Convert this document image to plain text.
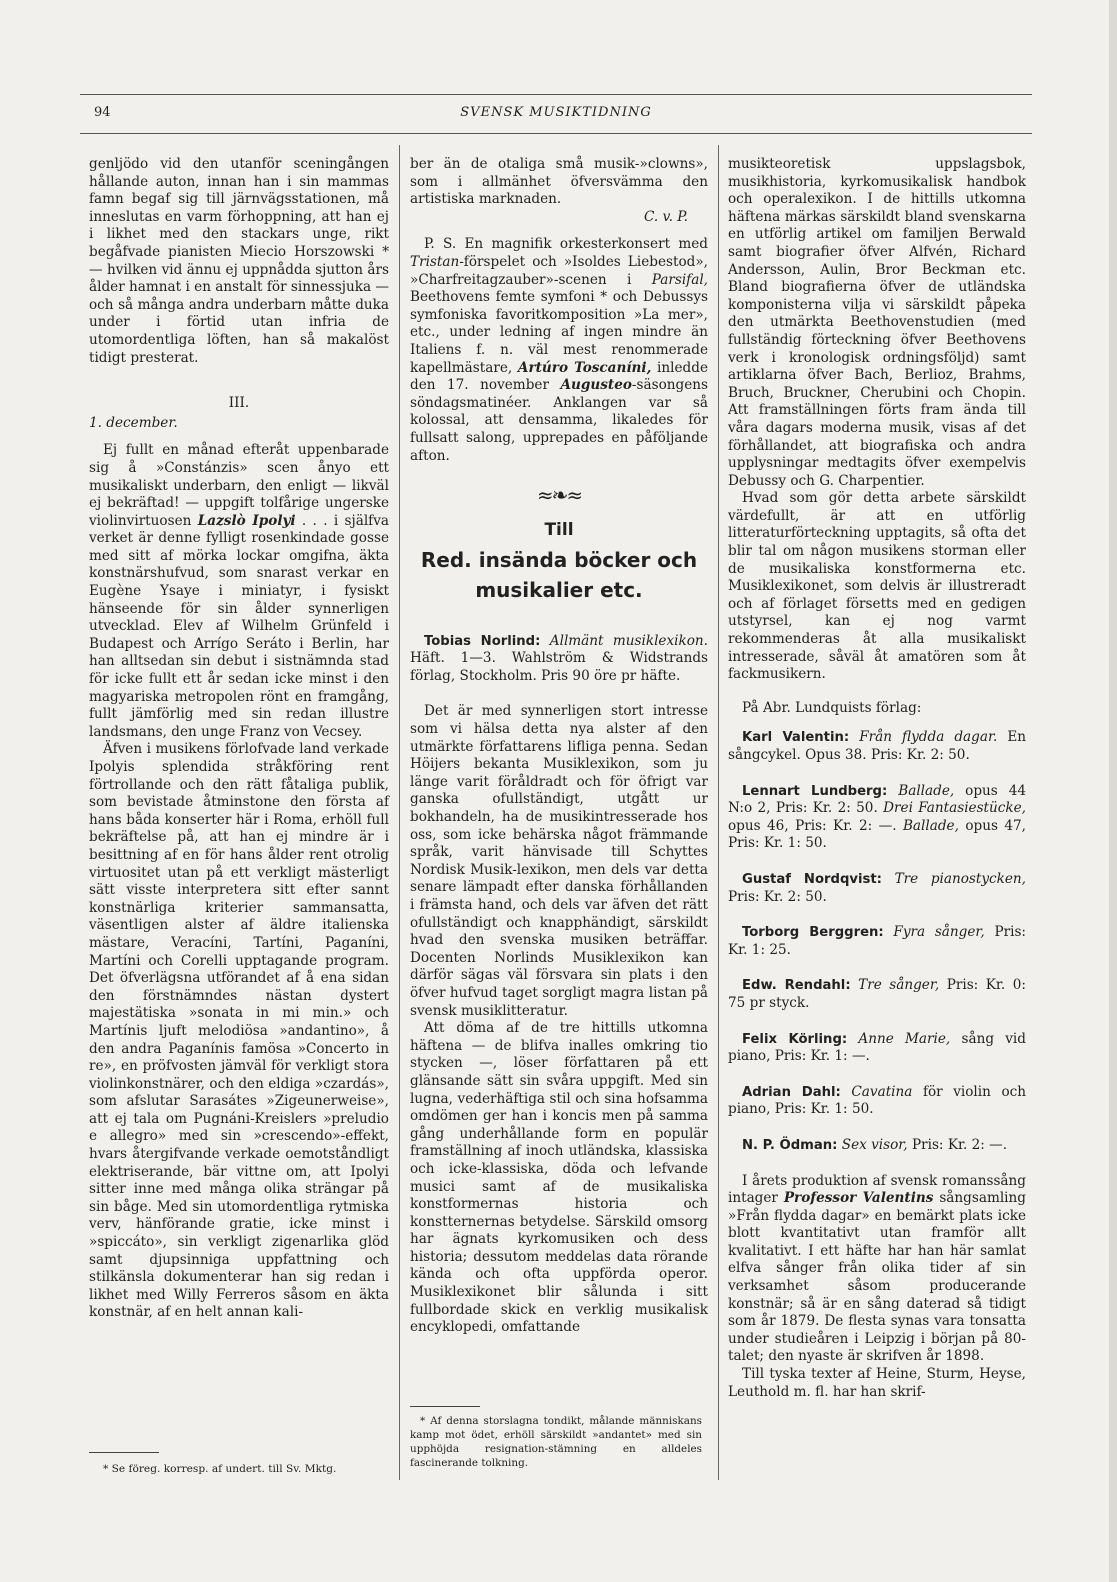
94	SVENSK MUSIKTIDNING

genljödo vid den utanför sceningången hållande auton, innan han i sin mammas famn begaf sig till järnvägsstationen, må inneslutas en varm förhoppning, att han ej i likhet med den stackars unge, rikt begåfvade pianisten Miecio Horszowski * — hvilken vid ännu ej uppnådda sjutton års ålder hamnat i en anstalt för sinnessjuka — och så många andra underbarn måtte duka under i förtid utan infria de utomordentliga löften, han så makalöst tidigt presterat.

III.
1. december.

Ej fullt en månad efteråt uppenbarade sig å »Constánzis» scen ånyo ett musikaliskt underbarn, den enligt — likväl ej bekräftad! — uppgift tolfårige ungerske violinvirtuosen Lazslò Ipolyi . . . i själfva verket är denne fylligt rosenkindade gosse med sitt af mörka lockar omgifna, äkta konstnärshufvud, som snarast verkar en Eugène Ysaye i miniatyr, i fysiskt hänseende för sin ålder synnerligen utvecklad. Elev af Wilhelm Grünfeld i Budapest och Arrígo Seráto i Berlin, har han alltsedan sin debut i sistnämnda stad för icke fullt ett år sedan icke minst i den magyariska metropolen rönt en framgång, fullt jämförlig med sin redan illustre landsmans, den unge Franz von Vecsey.

Äfven i musikens förlofvade land verkade Ipolyis splendida stråkföring rent förtrollande och den rätt fåtaliga publik, som bevistade åtminstone den första af hans båda konserter här i Roma, erhöll full bekräftelse på, att han ej mindre är i besittning af en för hans ålder rent otrolig virtuositet utan på ett verkligt mästerligt sätt visste interpretera sitt efter sannt konstnärliga kriterier sammansatta, väsentligen alster af äldre italienska mästare, Veracíni, Tartíni, Paganíni, Martíni och Corelli upptagande program. Det öfverlägsna utförandet af å ena sidan den förstnämndes nästan dystert majestätiska »sonata in mi min.» och Martínis ljuft melodiösa »andantino», å den andra Paganínis famösa »Concerto in re», en pröfvosten jämväl för verkligt stora violinkonstnärer, och den eldiga »czardás», som afslutar Sarasátes »Zigeunerweise», att ej tala om Pugnáni-Kreislers »preludio e allegro» med sin »crescendo»-effekt, hvars återgifvande verkade oemotståndligt elektriserande, bär vittne om, att Ipolyi sitter inne med många olika strängar på sin båge. Med sin utomordentliga rytmiska verv, hänförande gratie, icke minst i »spiccáto», sin verkligt zigenarlika glöd samt djupsinniga uppfattning och stilkänsla dokumenterar han sig redan i likhet med Willy Ferreros såsom en äkta konstnär, af en helt annan kali-

* Se föreg. korresp. af undert. till Sv. Mktg.

ber än de otaliga små musik-»clowns», som i allmänhet öfversvämma den artistiska marknaden.

C. v. P.

P. S. En magnifik orkesterkonsert med Tristan-förspelet och »Isoldes Liebestod», »Charfreitagzauber»-scenen i Parsifal, Beethovens femte symfoni * och Debussys symfoniska favoritkomposition »La mer», etc., under ledning af ingen mindre än Italiens f. n. väl mest renommerade kapellmästare, Artúro Toscaníni, inledde den 17. november Augusteo-säsongens söndagsmatinéer. Anklangen var så kolossal, att densamma, likaledes för fullsatt salong, upprepades en påföljande afton.

≈❧≈
Till
Red. insända böcker och
musikalier etc.

Tobias Norlind: Allmänt musiklexikon. Häft. 1—3. Wahlström & Widstrands förlag, Stockholm. Pris 90 öre pr häfte.

Det är med synnerligen stort intresse som vi hälsa detta nya alster af den utmärkte författarens lifliga penna. Sedan Höijers bekanta Musiklexikon, som ju länge varit föråldradt och för öfrigt var ganska ofullständigt, utgått ur bokhandeln, ha de musikintresserade hos oss, som icke behärska något främmande språk, varit hänvisade till Schyttes Nordisk Musik-lexikon, men dels var detta senare lämpadt efter danska förhållanden i främsta hand, och dels var äfven det rätt ofullständigt och knapphändigt, särskildt hvad den svenska musiken beträffar. Docenten Norlinds Musiklexikon kan därför sägas väl försvara sin plats i den öfver hufvud taget sorgligt magra listan på svensk musiklitteratur.

Att döma af de tre hittills utkomna häftena — de blifva inalles omkring tio stycken —, löser författaren på ett glänsande sätt sin svåra uppgift. Med sin lugna, vederhäftiga stil och sina hofsamma omdömen ger han i koncis men på samma gång underhållande form en populär framställning af inoch utländska, klassiska och icke-klassiska, döda och lefvande musici samt af de musikaliska konstformernas historia och konstternernas betydelse. Särskild omsorg har ägnats kyrkomusiken och dess historia; dessutom meddelas data rörande kända och ofta uppförda operor. Musiklexikonet blir sålunda i sitt fullbordade skick en verklig musikalisk encyklopedi, omfattande

* Af denna storslagna tondikt, målande människans kamp mot ödet, erhöll särskildt »andantet» med sin upphöjda resignation-stämning en alldeles fascinerande tolkning.

musikteoretisk uppslagsbok, musikhistoria, kyrkomusikalisk handbok och operalexikon. I de hittills utkomna häftena märkas särskildt bland svenskarna en utförlig artikel om familjen Berwald samt biografier öfver Alfvén, Richard Andersson, Aulin, Bror Beckman etc. Bland biografierna öfver de utländska komponisterna vilja vi särskildt påpeka den utmärkta Beethovenstudien (med fullständig förteckning öfver Beethovens verk i kronologisk ordningsföljd) samt artiklarna öfver Bach, Berlioz, Brahms, Bruch, Bruckner, Cherubini och Chopin. Att framställningen förts fram ända till våra dagars moderna musik, visas af det förhållandet, att biografiska och andra upplysningar medtagits öfver exempelvis Debussy och G. Charpentier.

Hvad som gör detta arbete särskildt värdefullt, är att en utförlig litteraturförteckning upptagits, så ofta det blir tal om någon musikens storman eller de musikaliska konstformerna etc. Musiklexikonet, som delvis är illustreradt och af förlaget försetts med en gedigen utstyrsel, kan ej nog varmt rekommenderas åt alla musikaliskt intresserade, såväl åt amatören som åt fackmusikern.

På Abr. Lundquists förlag:

Karl Valentin: Från flydda dagar. En sångcykel. Opus 38. Pris: Kr. 2: 50.

Lennart Lundberg: Ballade, opus 44 N:o 2, Pris: Kr. 2: 50. Drei Fantasiestücke, opus 46, Pris: Kr. 2: —. Ballade, opus 47, Pris: Kr. 1: 50.

Gustaf Nordqvist: Tre pianostycken, Pris: Kr. 2: 50.

Torborg Berggren: Fyra sånger, Pris: Kr. 1: 25.

Edw. Rendahl: Tre sånger, Pris: Kr. 0: 75 pr styck.

Felix Körling: Anne Marie, sång vid piano, Pris: Kr. 1: —.

Adrian Dahl: Cavatina för violin och piano, Pris: Kr. 1: 50.

N. P. Ödman: Sex visor, Pris: Kr. 2: —.

I årets produktion af svensk romanssång intager Professor Valentins sångsamling »Från flydda dagar» en bemärkt plats icke blott kvantitativt utan framför allt kvalitativt. I ett häfte har han här samlat elfva sånger från olika tider af sin verksamhet såsom producerande konstnär; så är en sång daterad så tidigt som år 1879. De flesta synas vara tonsatta under studieåren i Leipzig i början på 80-talet; den nyaste är skrifven år 1898.

Till tyska texter af Heine, Sturm, Heyse, Leuthold m. fl. har han skrif-
